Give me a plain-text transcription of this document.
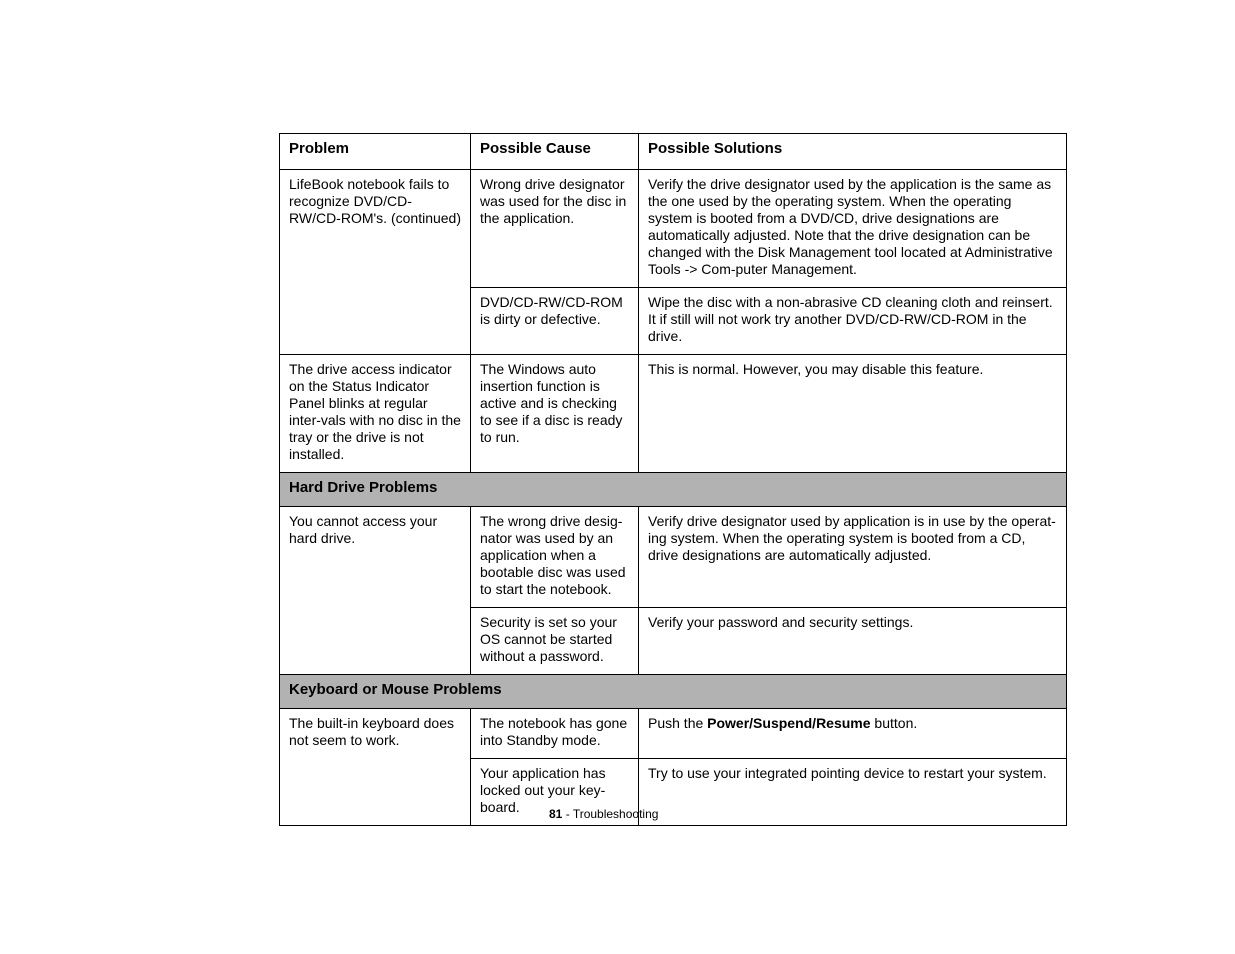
Problem	Possible Cause	Possible Solutions
LifeBook notebook fails to recognize DVD/CD-RW/CD-ROM's. (continued)	Wrong drive designator was used for the disc in the application.	Verify the drive designator used by the application is the same as the one used by the operating system. When the operating system is booted from a DVD/CD, drive designations are automatically adjusted. Note that the drive designation can be changed with the Disk Management tool located at Administrative Tools -> Com-puter Management.
	DVD/CD-RW/CD-ROM is dirty or defective.	Wipe the disc with a non-abrasive CD cleaning cloth and reinsert. It if still will not work try another DVD/CD-RW/CD-ROM in the drive.
The drive access indicator on the Status Indicator Panel blinks at regular inter-vals with no disc in the tray or the drive is not installed.	The Windows auto insertion function is active and is checking to see if a disc is ready to run.	This is normal. However, you may disable this feature.
Hard Drive Problems		
You cannot access your hard drive.	The wrong drive desig-nator was used by an application when a bootable disc was used to start the notebook.	Verify drive designator used by application is in use by the operat-ing system. When the operating system is booted from a CD, drive designations are automatically adjusted.
	Security is set so your OS cannot be started without a password.	Verify your password and security settings.
Keyboard or Mouse Problems		
The built-in keyboard does not seem to work.	The notebook has gone into Standby mode.	Push the Power/Suspend/Resume button.
	Your application has locked out your key-board.	Try to use your integrated pointing device to restart your system.
81 - Troubleshooting
